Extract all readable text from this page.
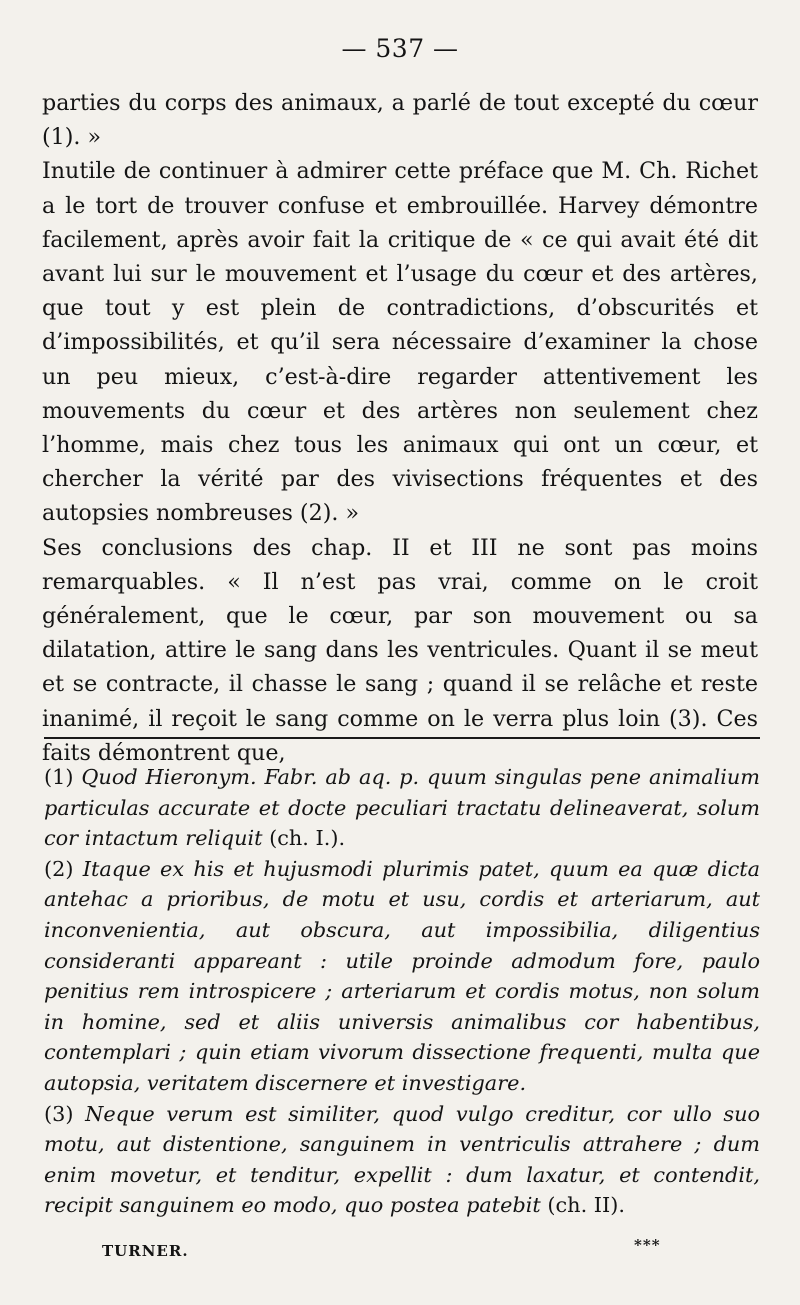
— 537 —

parties du corps des animaux, a parlé de tout excepté du cœur (1). »

Inutile de continuer à admirer cette préface que M. Ch. Richet a le tort de trouver confuse et embrouillée. Harvey démontre facilement, après avoir fait la critique de « ce qui avait été dit avant lui sur le mouvement et l’usage du cœur et des artères, que tout y est plein de contradictions, d’obscurités et d’impossibilités, et qu’il sera nécessaire d’examiner la chose un peu mieux, c’est-à-dire regarder attentivement les mouvements du cœur et des artères non seulement chez l’homme, mais chez tous les animaux qui ont un cœur, et chercher la vérité par des vivisections fréquentes et des autopsies nombreuses (2). »

Ses conclusions des chap. II et III ne sont pas moins remarquables. « Il n’est pas vrai, comme on le croit généralement, que le cœur, par son mouvement ou sa dilatation, attire le sang dans les ventricules. Quant il se meut et se contracte, il chasse le sang ; quand il se relâche et reste inanimé, il reçoit le sang comme on le verra plus loin (3). Ces faits démontrent que,

(1) Quod Hieronym. Fabr. ab aq. p. quum singulas pene animalium particulas accurate et docte peculiari tractatu delineaverat, solum cor intactum reliquit (ch. I.).

(2) Itaque ex his et hujusmodi plurimis patet, quum ea quæ dicta antehac a prioribus, de motu et usu, cordis et arteriarum, aut inconvenientia, aut obscura, aut impossibilia, diligentius consideranti appareant : utile proinde admodum fore, paulo penitius rem introspicere ; arteriarum et cordis motus, non solum in homine, sed et aliis universis animalibus cor habentibus, contemplari ; quin etiam vivorum dissectione frequenti, multa que autopsia, veritatem discernere et investigare.

(3) Neque verum est similiter, quod vulgo creditur, cor ullo suo motu, aut distentione, sanguinem in ventriculis attrahere ; dum enim movetur, et tenditur, expellit : dum laxatur, et contendit, recipit sanguinem eo modo, quo postea patebit (ch. II).

TURNER.	***
